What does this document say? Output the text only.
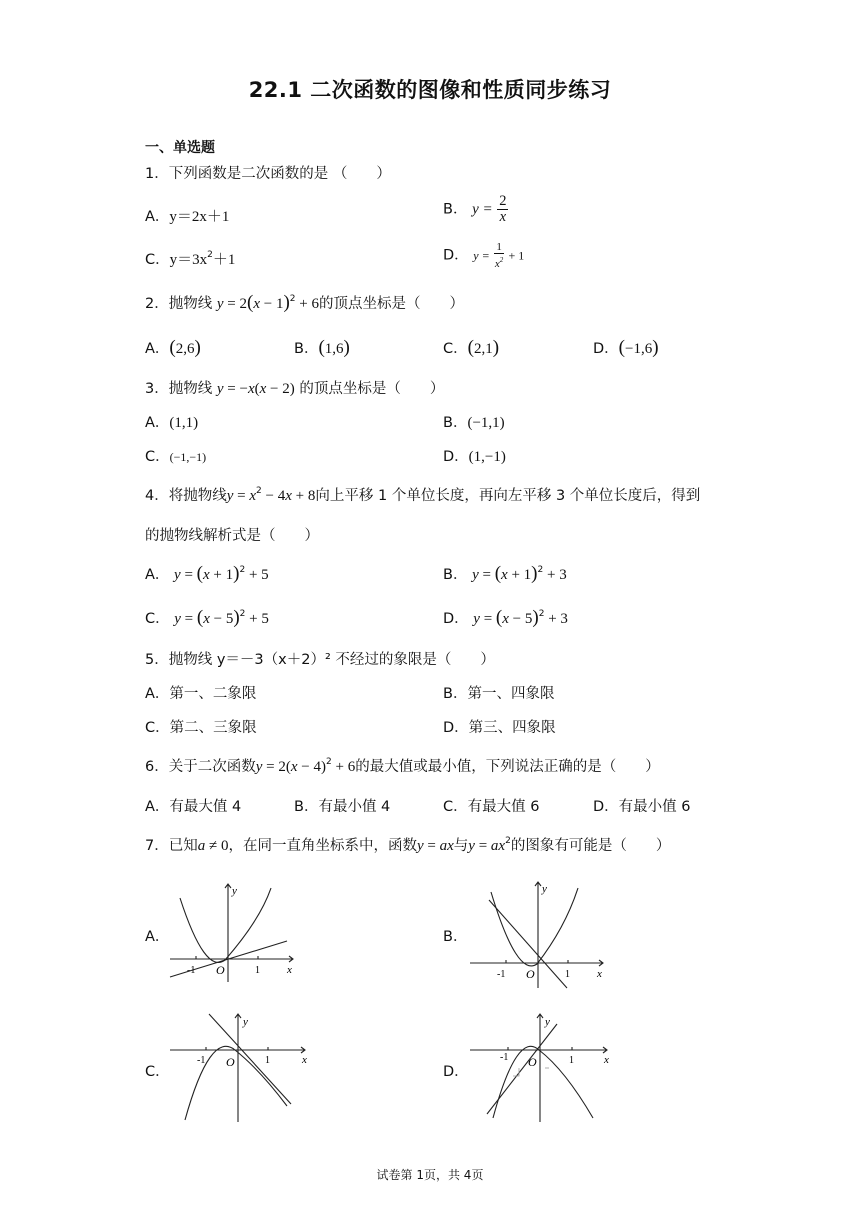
22.1 二次函数的图像和性质同步练习
一、单选题
1．下列函数是二次函数的是 （　　）
A．y＝2x＋1	B． $y = \frac{2}{x}$
C．$y=3x^2+1$	D． $y = \frac{1}{x^2} + 1$
2．抛物线 $y = 2(x - 1)^2 + 6$的顶点坐标是（　　）
A．(2,6)	B．(1,6)	C．(2,1)	D．(−1,6)
3．抛物线 y = −x(x − 2) 的顶点坐标是（　　）
A．(1,1)	B．(−1,1)
C．(−1,−1)	D．(1,−1)
4．将抛物线$y = x^2 - 4x + 8$向上平移 1 个单位长度，再向左平移 3 个单位长度后，得到
的抛物线解析式是（　　）
A． $y = (x + 1)^2 + 5$	B． $y = (x + 1)^2 + 3$
C． $y = (x - 5)^2 + 5$	D． $y = (x - 5)^2 + 3$
5．抛物线 y＝－3（x＋2）² 不经过的象限是（　　）
A．第一、二象限	B．第一、四象限
C．第二、三象限	D．第三、四象限
6．关于二次函数$y = 2(x - 4)^2 + 6$的最大值或最小值，下列说法正确的是（　　）
A．有最大值 4	B．有最小值 4	C．有最大值 6	D．有最小值 6
7．已知a ≠ 0，在同一直角坐标系中，函数y = ax与$y = ax^2$的图象有可能是（　　）
A．	B．
C．	D．
y
x
O
-1	1
y
x
O
-1	1
y
x
O
-1	1
y
x
O
-1	1
试卷第 1页，共 4页
